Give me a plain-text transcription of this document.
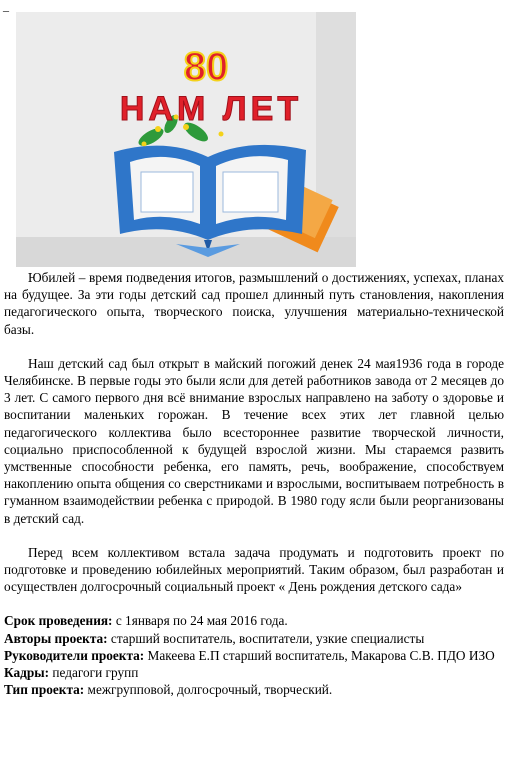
_
80
НАМ ЛЕТ

Юбилей – время подведения итогов, размышлений о достижениях, успехах, планах на будущее. За эти годы детский сад прошел длинный путь становления, накопления педагогического опыта, творческого поиска, улучшения материально-технической базы.

Наш детский сад был открыт в майский погожий денек 24 мая1936 года в городе Челябинске. В первые годы это были ясли для детей работников завода от 2 месяцев до 3 лет. С самого первого дня всё внимание взрослых направлено на заботу о здоровье и воспитании маленьких горожан. В течение всех этих лет главной целью педагогического коллектива было всестороннее развитие творческой личности, социально приспособленной к будущей взрослой жизни. Мы стараемся развить умственные способности ребенка, его память, речь, воображение, способствуем накоплению опыта общения со сверстниками и взрослыми, воспитываем потребность в гуманном взаимодействии ребенка с природой. В 1980 году ясли были реорганизованы в детский сад.

Перед всем коллективом встала задача продумать и подготовить проект по подготовке и проведению юбилейных мероприятий. Таким образом, был разработан и осуществлен долгосрочный социальный проект « День рождения детского сада»

Срок проведения: с 1января по 24 мая 2016 года.

Авторы проекта: старший воспитатель, воспитатели, узкие специалисты

Руководители проекта: Макеева Е.П старший воспитатель, Макарова С.В. ПДО ИЗО

Кадры: педагоги групп

Тип проекта: межгрупповой, долгосрочный, творческий.
